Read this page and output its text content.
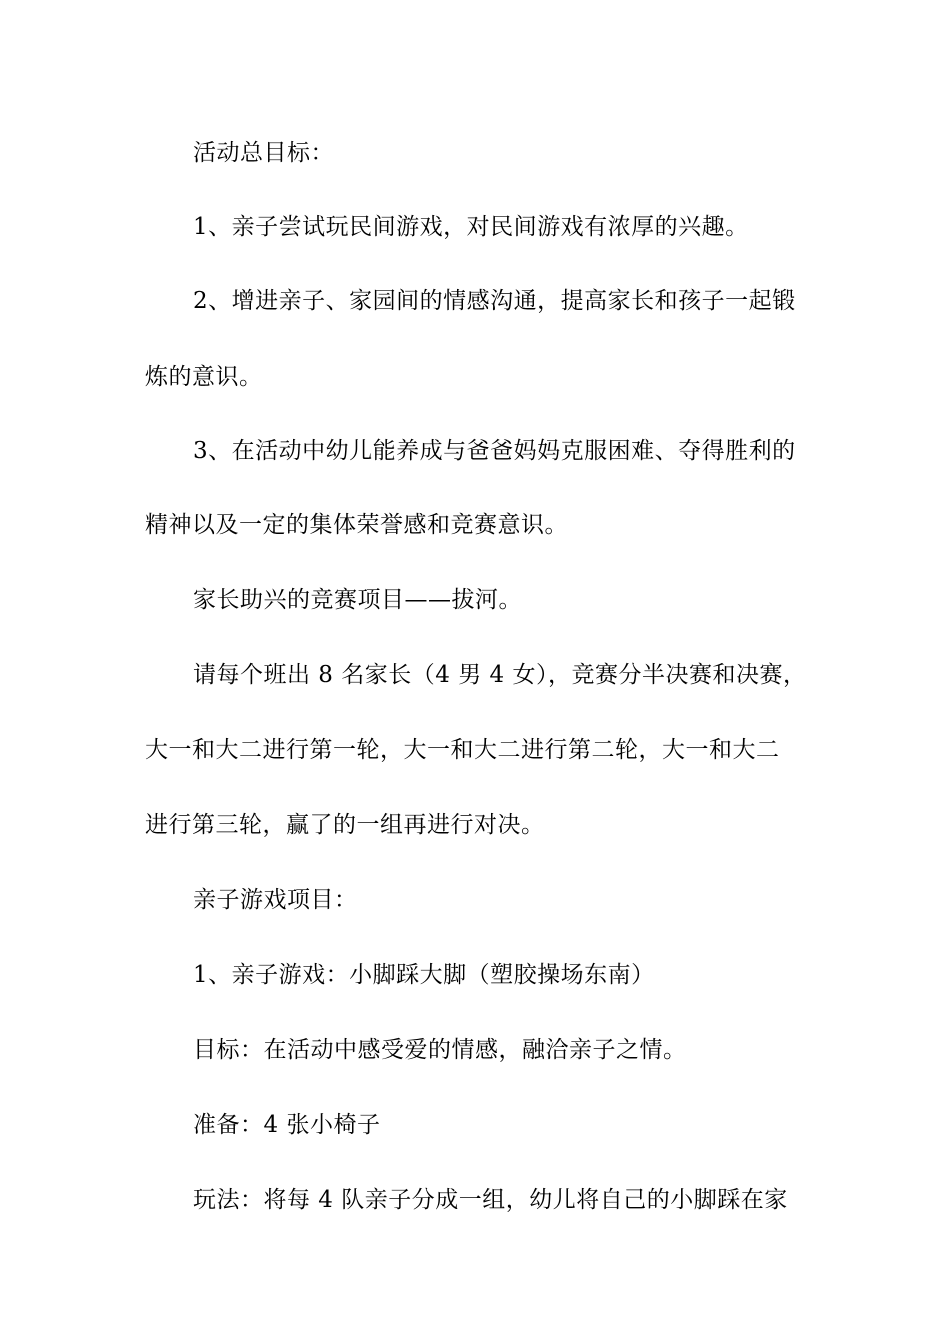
活动总目标：

1、亲子尝试玩民间游戏，对民间游戏有浓厚的兴趣。

2、增进亲子、家园间的情感沟通，提高家长和孩子一起锻

炼的意识。

3、在活动中幼儿能养成与爸爸妈妈克服困难、夺得胜利的

精神以及一定的集体荣誉感和竞赛意识。

家长助兴的竞赛项目——拔河。

请每个班出 8 名家长（4 男 4 女），竞赛分半决赛和决赛，

大一和大二进行第一轮，大一和大二进行第二轮，大一和大二

进行第三轮，赢了的一组再进行对决。

亲子游戏项目：

1、亲子游戏：小脚踩大脚（塑胶操场东南）

目标：在活动中感受爱的情感，融洽亲子之情。

准备：4 张小椅子

玩法：将每 4 队亲子分成一组，幼儿将自己的小脚踩在家
